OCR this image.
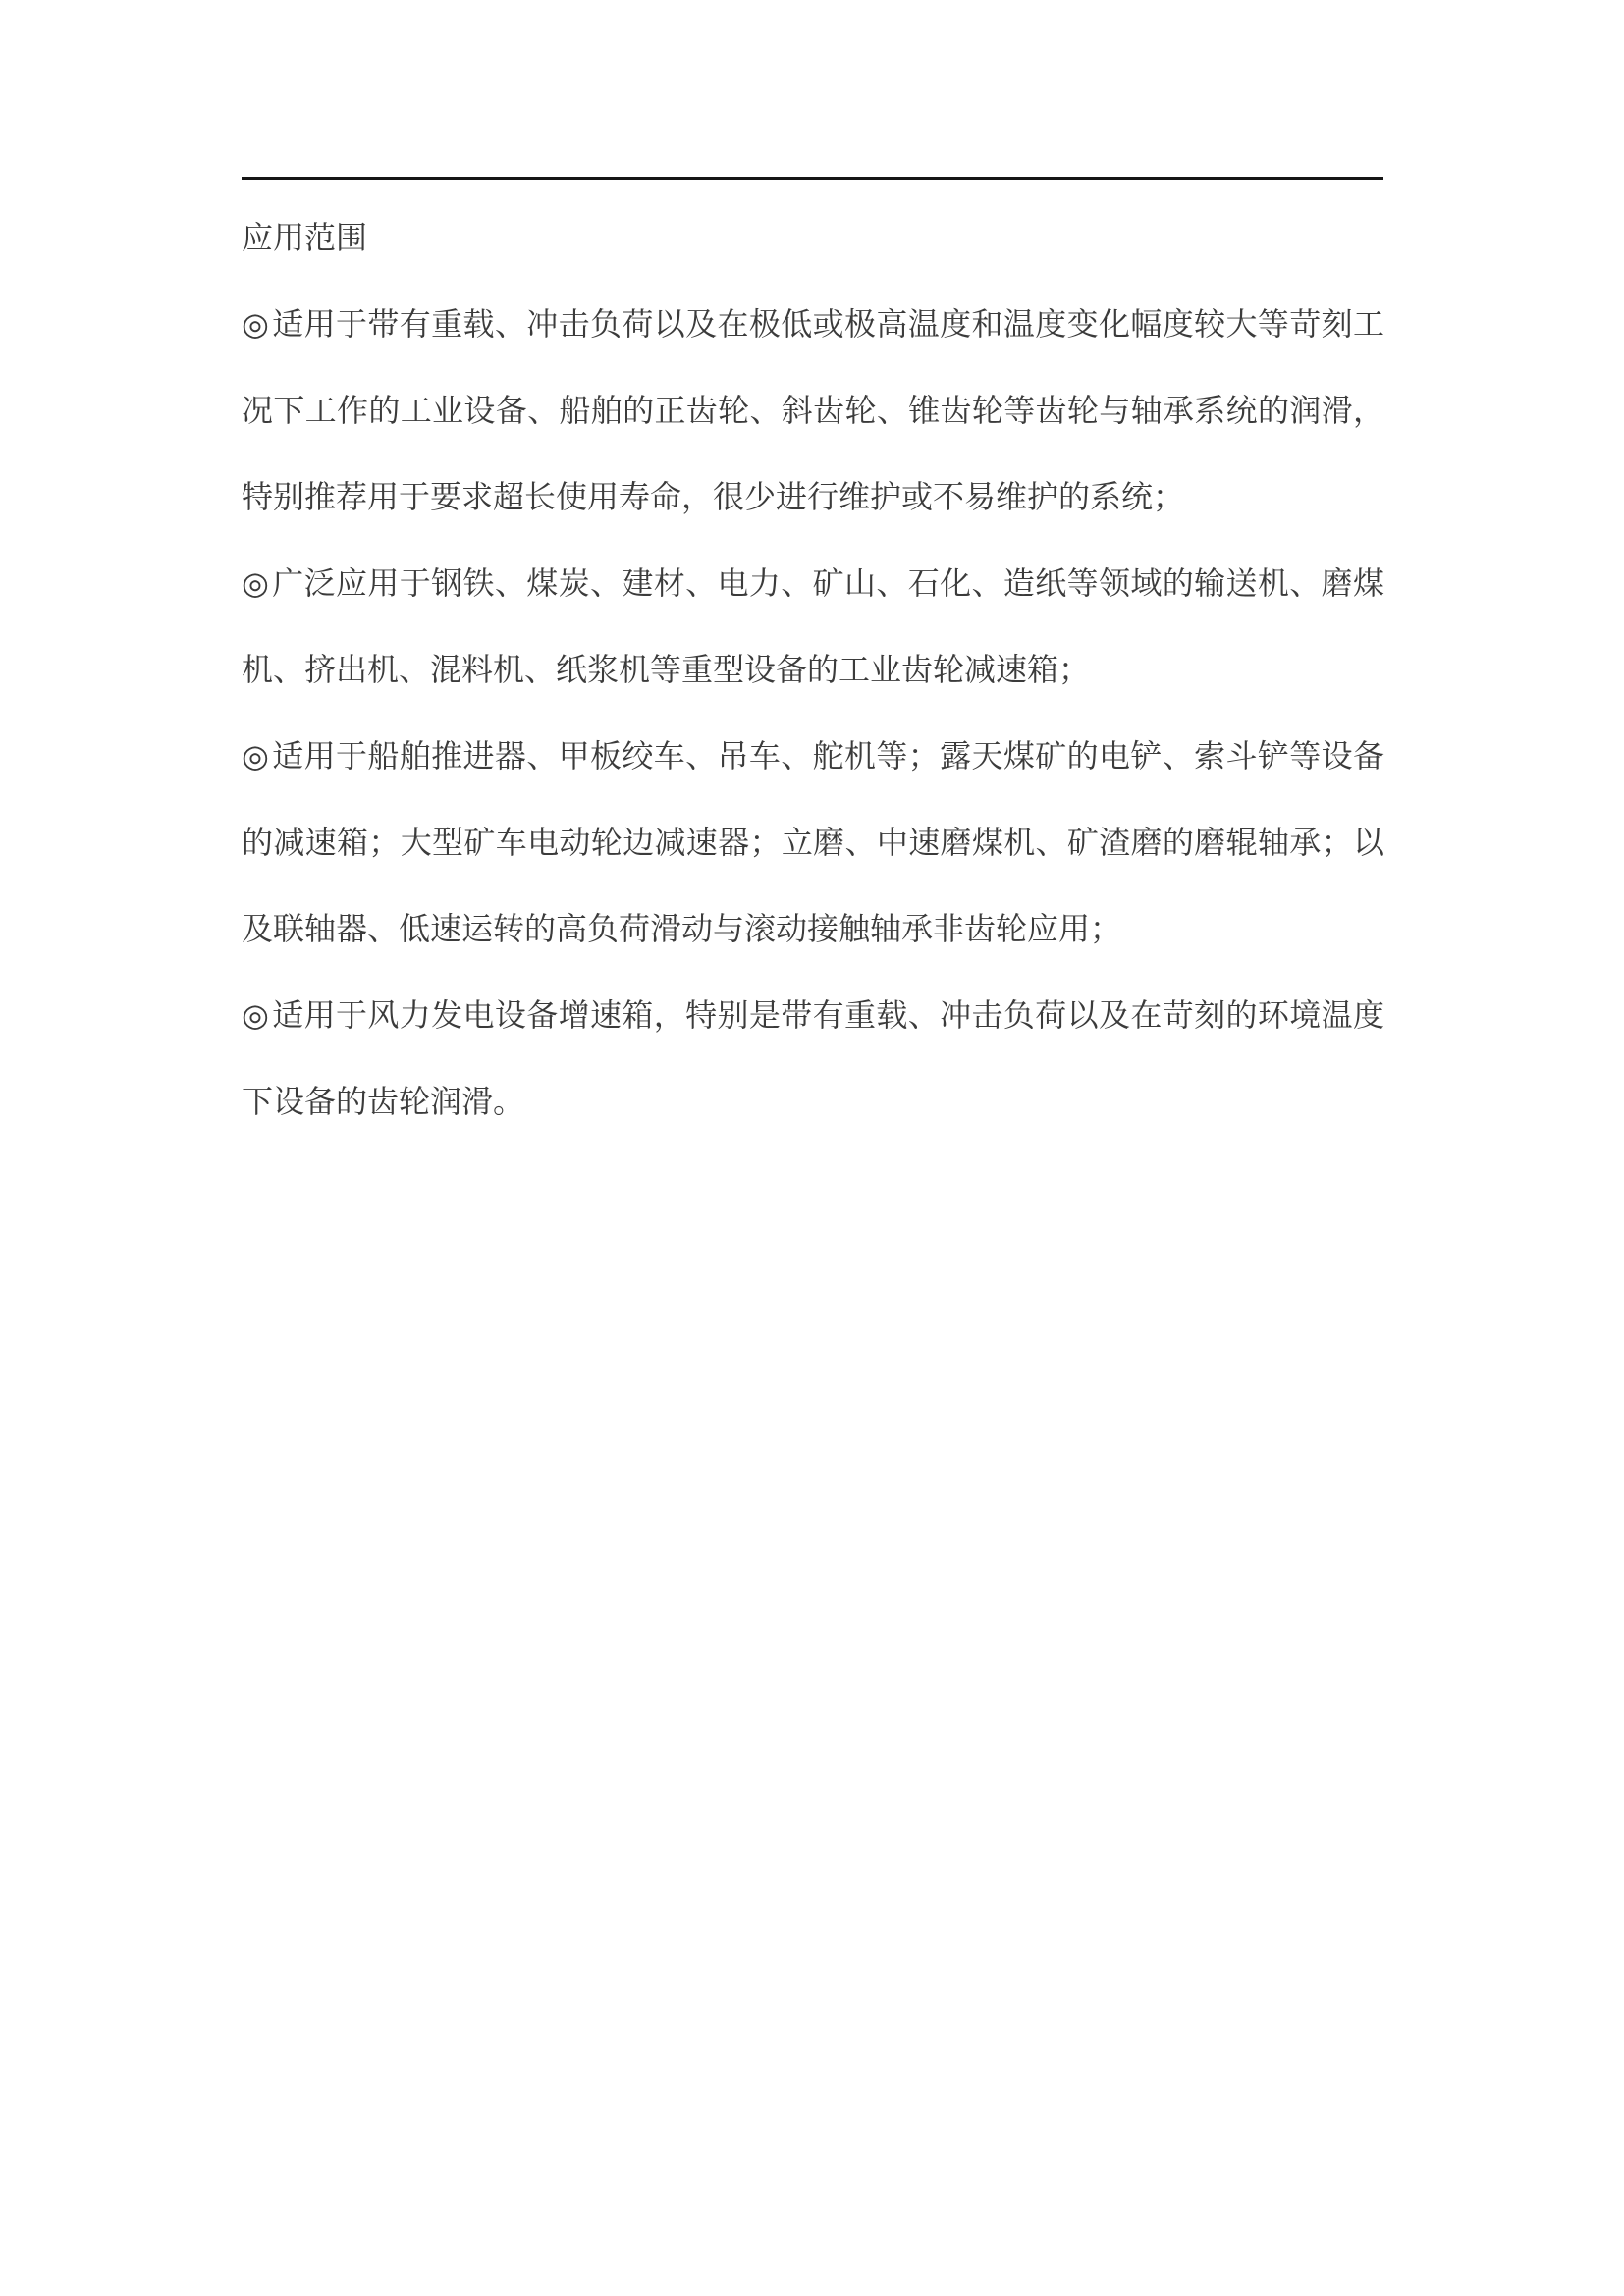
应用范围

◎适用于带有重载、冲击负荷以及在极低或极高温度和温度变化幅度较大等苛刻工

况下工作的工业设备、船舶的正齿轮、斜齿轮、锥齿轮等齿轮与轴承系统的润滑，

特别推荐用于要求超长使用寿命，很少进行维护或不易维护的系统；

◎广泛应用于钢铁、煤炭、建材、电力、矿山、石化、造纸等领域的输送机、磨煤

机、挤出机、混料机、纸浆机等重型设备的工业齿轮减速箱；

◎适用于船舶推进器、甲板绞车、吊车、舵机等；露天煤矿的电铲、索斗铲等设备

的减速箱；大型矿车电动轮边减速器；立磨、中速磨煤机、矿渣磨的磨辊轴承；以

及联轴器、低速运转的高负荷滑动与滚动接触轴承非齿轮应用；

◎适用于风力发电设备增速箱，特别是带有重载、冲击负荷以及在苛刻的环境温度

下设备的齿轮润滑。
